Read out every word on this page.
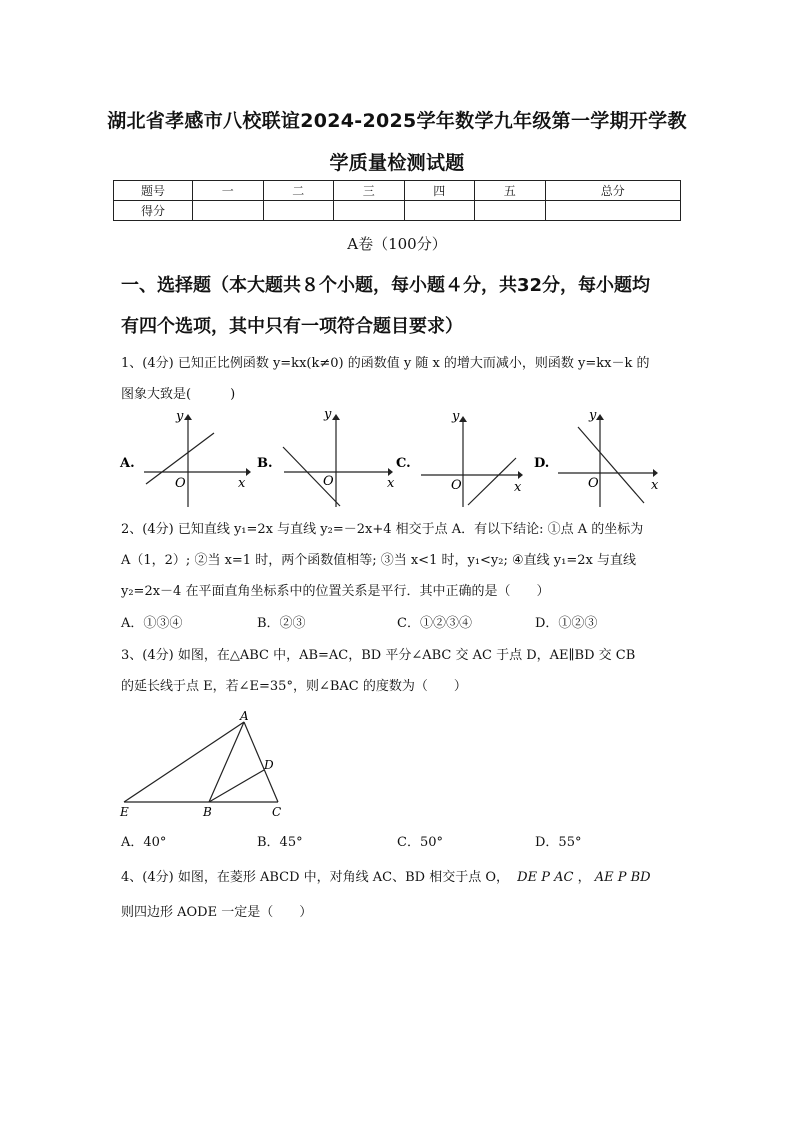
湖北省孝感市八校联谊2024-2025学年数学九年级第一学期开学教
学质量检测试题
题号	一	二	三	四	五	总分
得分						
A卷（100分）
一、选择题（本大题共８个小题，每小题４分，共32分，每小题均
有四个选项，其中只有一项符合题目要求）
1、(4分) 已知正比例函数 y=kx(k≠0) 的函数值 y 随 x 的增大而减小，则函数 y=kx－k 的
图象大致是(　　　)
A.
x
y
O
B.
x
y
O
C.
x
y
O
D.
x
y
O
2、(4分) 已知直线 y₁=2x 与直线 y₂=－2x+4 相交于点 A．有以下结论: ①点 A 的坐标为
A（1，2）; ②当 x=1 时，两个函数值相等; ③当 x<1 时，y₁<y₂; ④直线 y₁=2x 与直线
y₂=2x－4 在平面直角坐标系中的位置关系是平行．其中正确的是（　　）
A．①③④	B．②③	C．①②③④	D．①②③
3、(4分) 如图，在△ABC 中，AB=AC，BD 平分∠ABC 交 AC 于点 D，AE∥BD 交 CB
的延长线于点 E，若∠E=35°，则∠BAC 的度数为（　　）
A
B	C
D
E
A．40°	B．45°	C．50°	D．55°
4、(4分) 如图，在菱形 ABCD 中，对角线 AC、BD 相交于点 O， DE P AC ， AE P BD
则四边形 AODE 一定是（　　）
